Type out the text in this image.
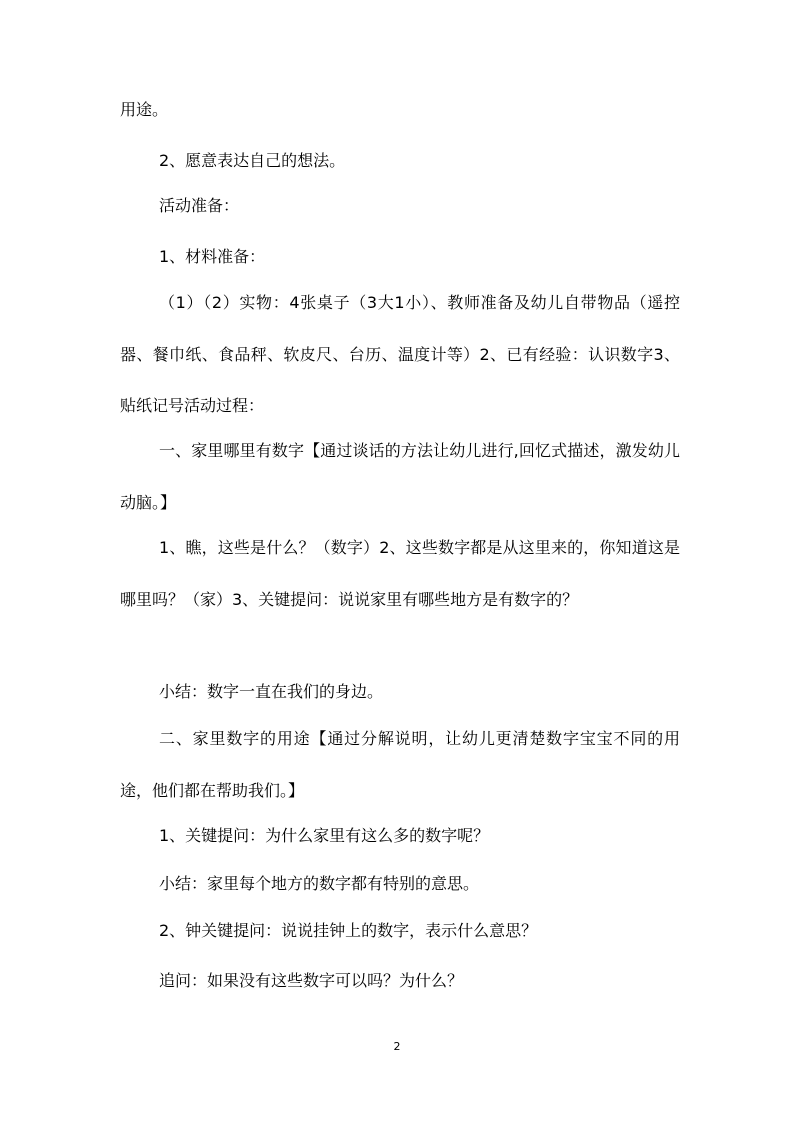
用途。

2、愿意表达自己的想法。

活动准备：

1、材料准备：

（1）（2）实物：4张桌子（3大1小）、教师准备及幼儿自带物品（遥控器、餐巾纸、食品秤、软皮尺、台历、温度计等）2、已有经验：认识数字3、贴纸记号活动过程：

一、家里哪里有数字【通过谈话的方法让幼儿进行,回忆式描述，激发幼儿动脑。】

1、瞧，这些是什么？（数字）2、这些数字都是从这里来的，你知道这是哪里吗？（家）3、关键提问：说说家里有哪些地方是有数字的？

小结：数字一直在我们的身边。

二、家里数字的用途【通过分解说明，让幼儿更清楚数字宝宝不同的用途，他们都在帮助我们。】

1、关键提问：为什么家里有这么多的数字呢？

小结：家里每个地方的数字都有特别的意思。

2、钟关键提问：说说挂钟上的数字，表示什么意思？

追问：如果没有这些数字可以吗？为什么？

2
